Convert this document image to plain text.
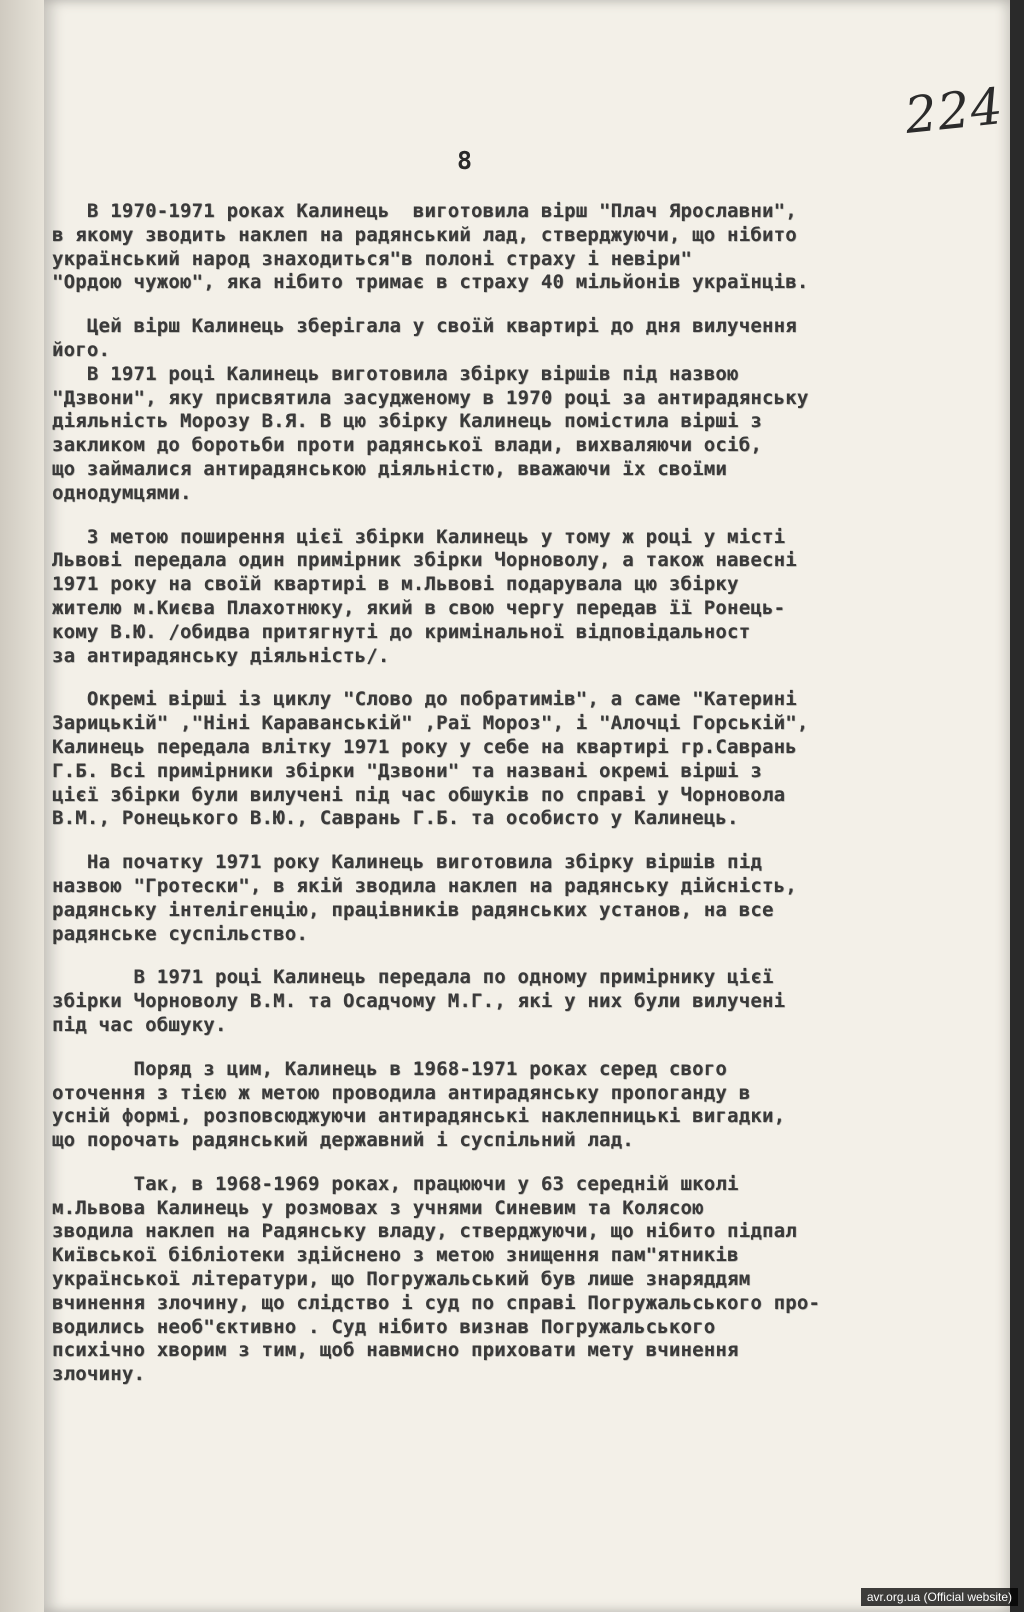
224
8
В 1970-1971 роках Калинець  виготовила вірш "Плач Ярославни",
в якому зводить наклеп на радянський лад, стверджуючи, що нібито
український народ знаходиться"в полоні страху і невіри"
"Ордою чужою", яка нібито тримає в страху 40 мільйонів українців.
Цей вірш Калинець зберігала у своїй квартирі до дня вилучення
його.
В 1971 році Калинець виготовила збірку віршів під назвою
"Дзвони", яку присвятила засудженому в 1970 році за антирадянську
діяльність Морозу В.Я. В цю збірку Калинець помістила вірші з
закликом до боротьби проти радянської влади, вихваляючи осіб,
що займалися антирадянською діяльністю, вважаючи їх своїми
однодумцями.
З метою поширення цієї збірки Калинець у тому ж році у місті
Львові передала один примірник збірки Чорноволу, а також навесні
1971 року на своїй квартирі в м.Львові подарувала цю збірку
жителю м.Києва Плахотнюку, який в свою чергу передав її Ронець-
кому В.Ю. /обидва притягнуті до кримінальної відповідальност
за антирадянську діяльність/.
Окремі вірші із циклу "Слово до побратимів", а саме "Катерині
Зарицькій" ,"Ніні Караванській" ,Раї Мороз", і "Алочці Горській",
Калинець передала влітку 1971 року у себе на квартирі гр.Саврань
Г.Б. Всі примірники збірки "Дзвони" та названі окремі вірші з
цієї збірки були вилучені під час обшуків по справі у Чорновола
В.М., Ронецького В.Ю., Саврань Г.Б. та особисто у Калинець.
На початку 1971 року Калинець виготовила збірку віршів під
назвою "Гротески", в якій зводила наклеп на радянську дійсність,
радянську інтелігенцію, працівників радянських установ, на все
радянське суспільство.
В 1971 році Калинець передала по одному примірнику цієї
збірки Чорноволу В.М. та Осадчому М.Г., які у них були вилучені
під час обшуку.
Поряд з цим, Калинець в 1968-1971 роках серед свого
оточення з тією ж метою проводила антирадянську пропоганду в
усній формі, розповсюджуючи антирадянські наклепницькі вигадки,
що порочать радянський державний і суспільний лад.
Так, в 1968-1969 роках, працюючи у 63 середній школі
м.Львова Калинець у розмовах з учнями Синевим та Колясою
зводила наклеп на Радянську владу, стверджуючи, що нібито підпал
Київської бібліотеки здійснено з метою знищення пам"ятників
української літератури, що Погружальський був лише знаряддям
вчинення злочину, що слідство і суд по справі Погружальського про-
водились необ"єктивно . Суд нібито визнав Погружальського
психічно хворим з тим, щоб навмисно приховати мету вчинення
злочину.
avr.org.ua (Official website)
